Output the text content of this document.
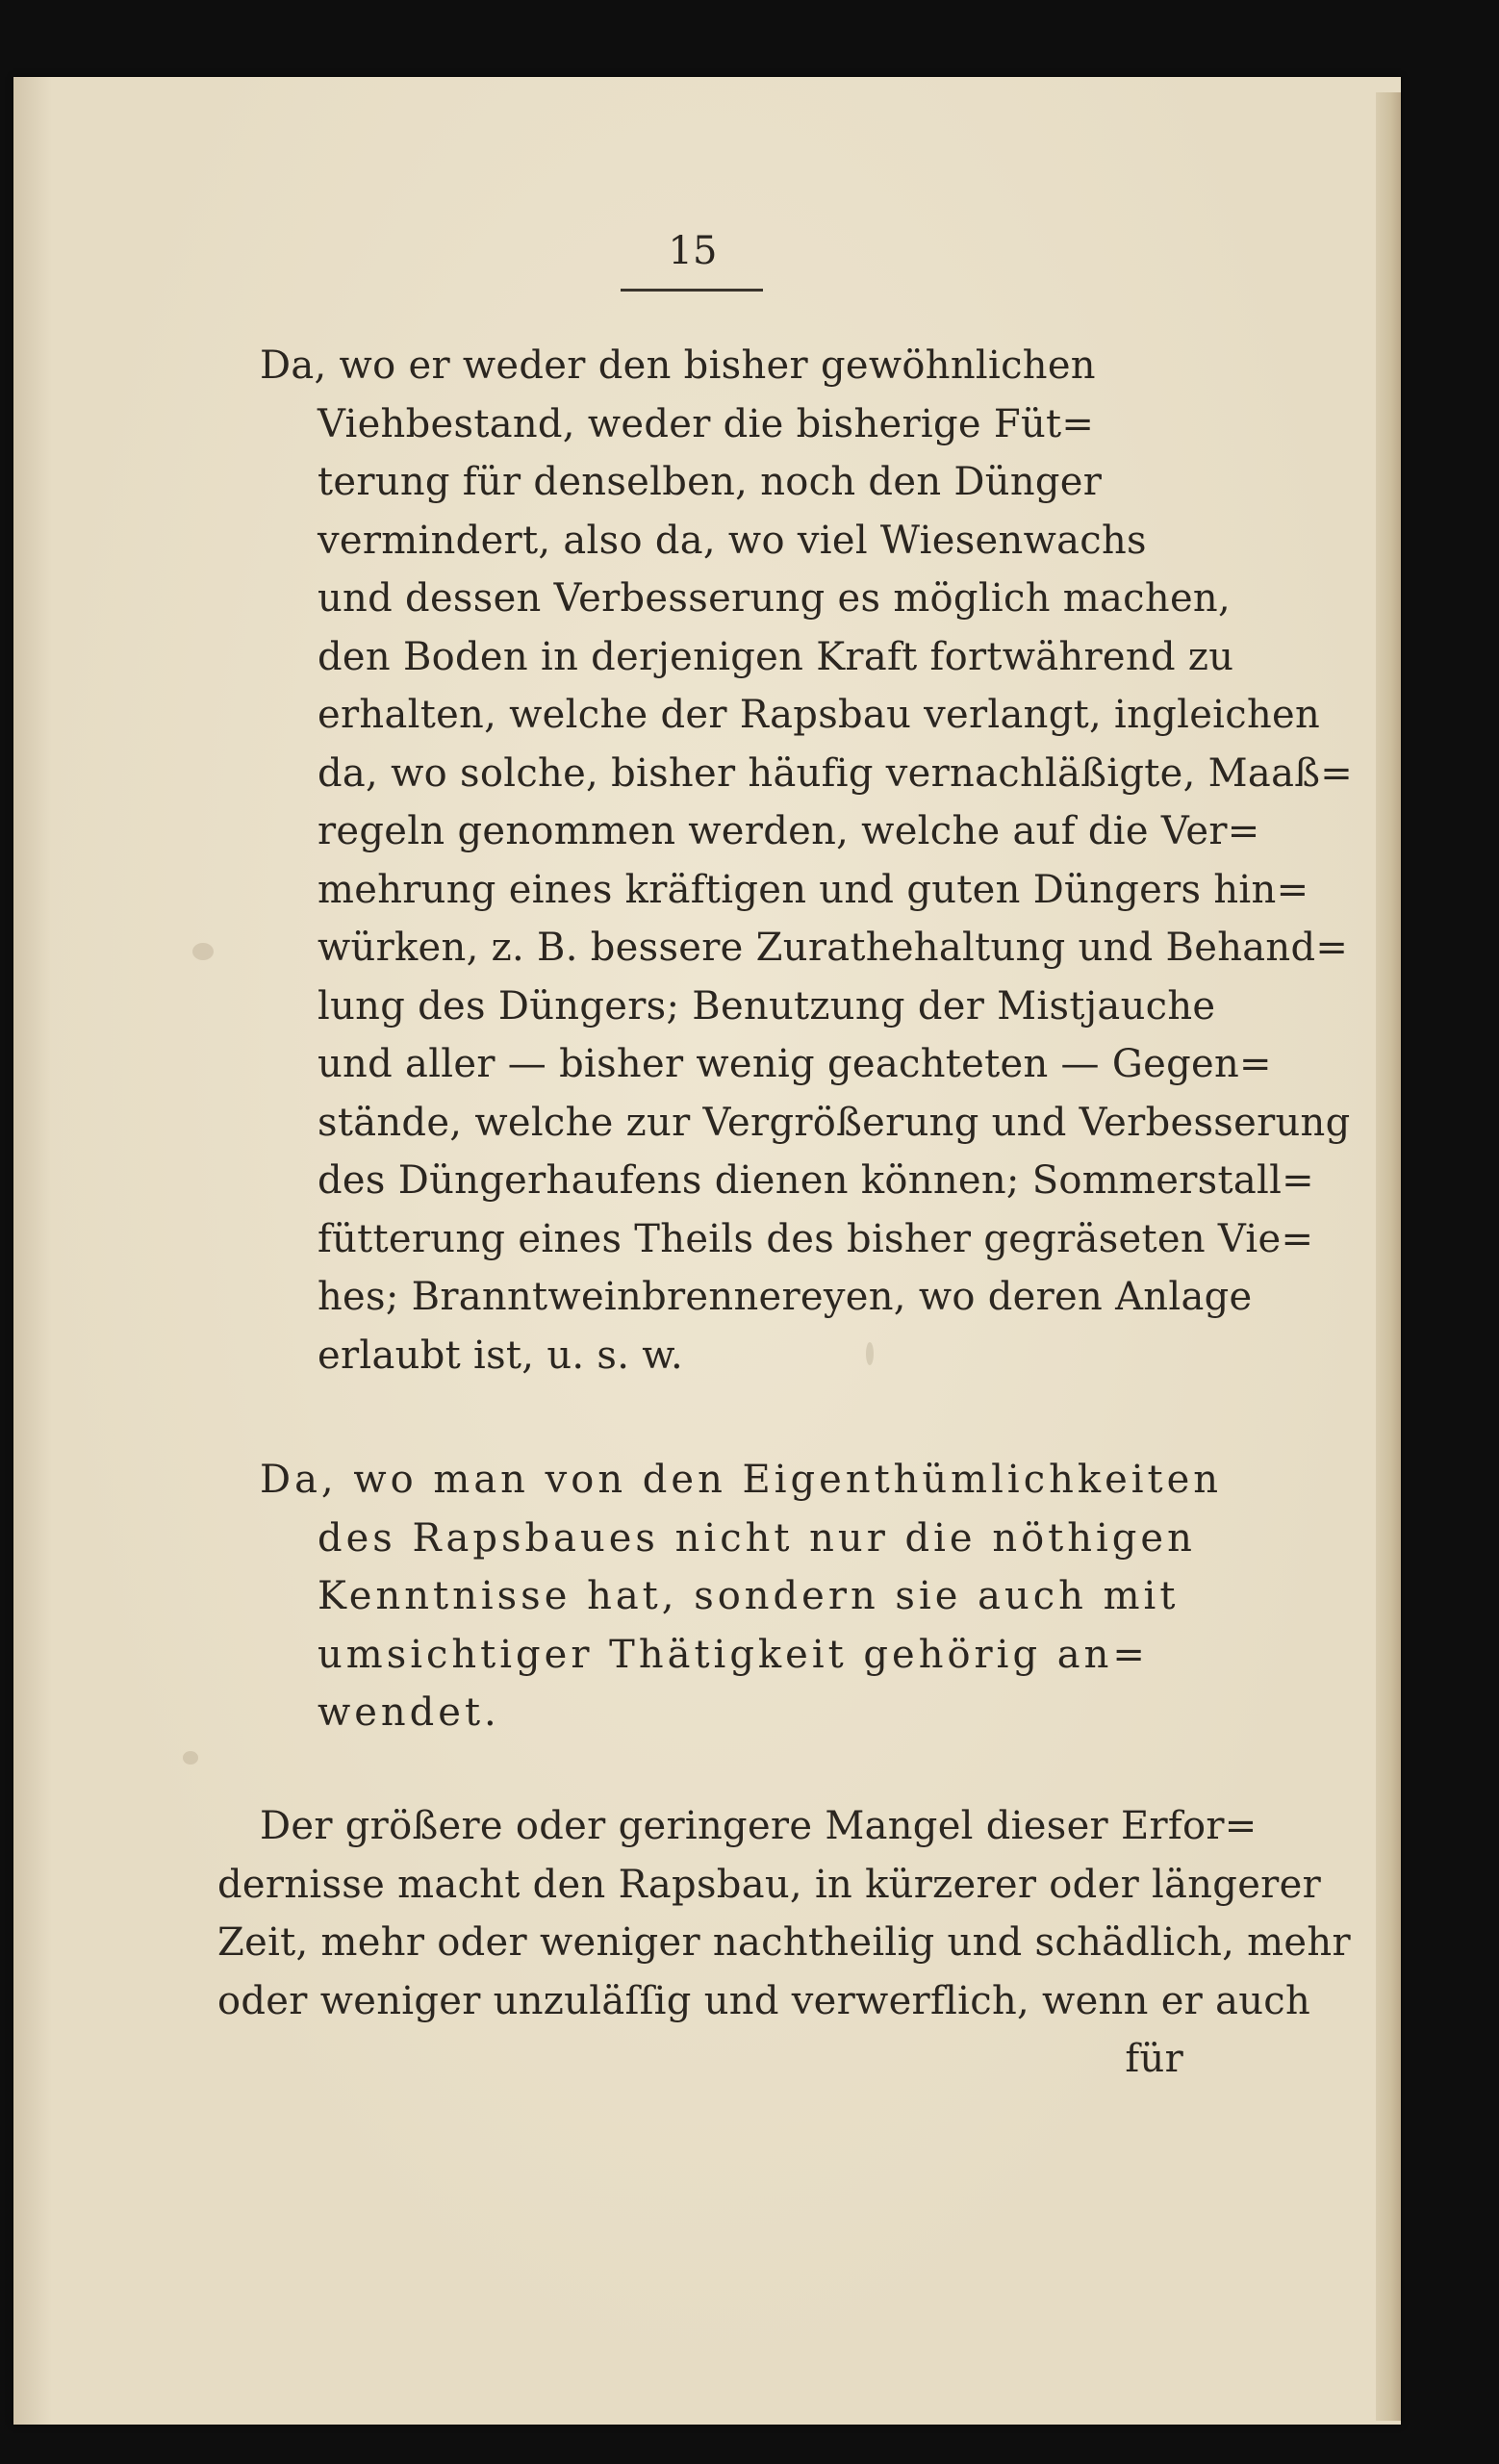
15
Da, wo er weder den bisher gewöhnlichen
Viehbestand, weder die bisherige Füt=
terung für denselben, noch den Dünger
vermindert, also da, wo viel Wiesenwachs
und dessen Verbesserung es möglich machen,
den Boden in derjenigen Kraft fortwährend zu
erhalten, welche der Rapsbau verlangt, ingleichen
da, wo solche, bisher häufig vernachläßigte, Maaß=
regeln genommen werden, welche auf die Ver=
mehrung eines kräftigen und guten Düngers hin=
würken, z. B. bessere Zurathehaltung und Behand=
lung des Düngers; Benutzung der Mistjauche
und aller — bisher wenig geachteten — Gegen=
stände, welche zur Vergrößerung und Verbesserung
des Düngerhaufens dienen können; Sommerstall=
fütterung eines Theils des bisher gegräseten Vie=
hes; Branntweinbrennereyen, wo deren Anlage
erlaubt ist, u. s. w.
Da, wo man von den Eigenthümlichkeiten
des Rapsbaues nicht nur die nöthigen
Kenntnisse hat, sondern sie auch mit
umsichtiger Thätigkeit gehörig an=
wendet.
Der größere oder geringere Mangel dieser Erfor=
dernisse macht den Rapsbau, in kürzerer oder längerer
Zeit, mehr oder weniger nachtheilig und schädlich, mehr
oder weniger unzuläſſig und verwerflich, wenn er auch
für
